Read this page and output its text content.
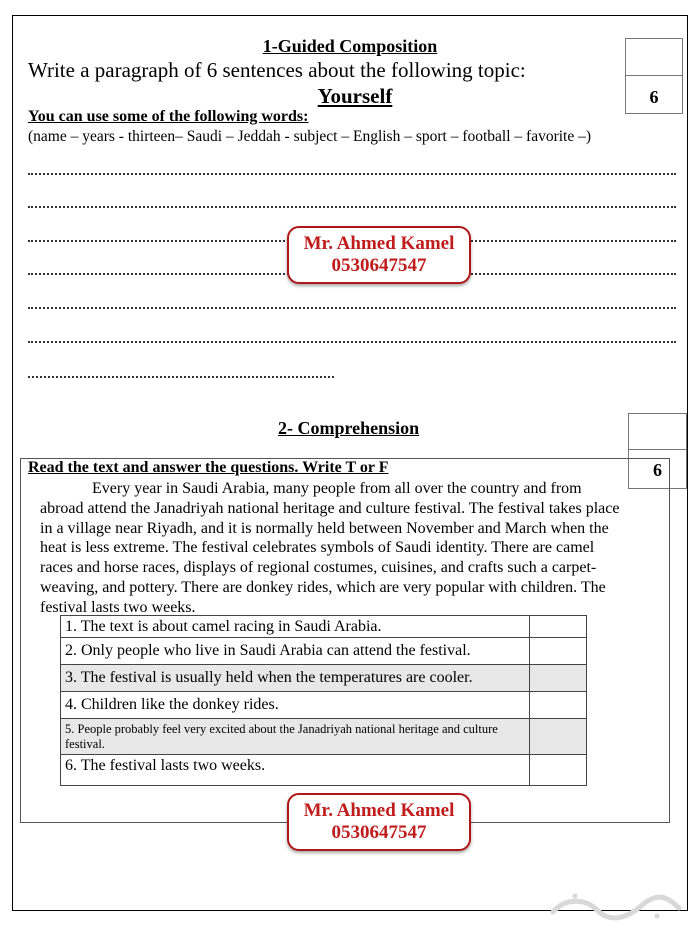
1-Guided Composition
Write a paragraph of 6 sentences about the following topic:
Yourself
You can use some of the following words:
(name – years - thirteen– Saudi – Jeddah - subject – English – sport – football – favorite –)
6
Mr. Ahmed Kamel
0530647547
2- Comprehension
6
Read the text and answer the questions. Write T or F
Every year in Saudi Arabia, many people from all over the country and from
abroad attend the Janadriyah national heritage and culture festival. The festival takes place
in a village near Riyadh, and it is normally held between November and March when the
heat is less extreme. The festival celebrates symbols of Saudi identity. There are camel
races and horse races, displays of regional costumes, cuisines, and crafts such a carpet-
weaving, and pottery. There are donkey rides, which are very popular with children. The
festival lasts two weeks.
1. The text is about camel racing in Saudi Arabia.	
2. Only people who live in Saudi Arabia can attend the festival.	
3. The festival is usually held when the temperatures are cooler.	
4. Children like the donkey rides.	
5. People probably feel very excited about the Janadriyah national heritage and culture festival.	
6. The festival lasts two weeks.	
Mr. Ahmed Kamel
0530647547
